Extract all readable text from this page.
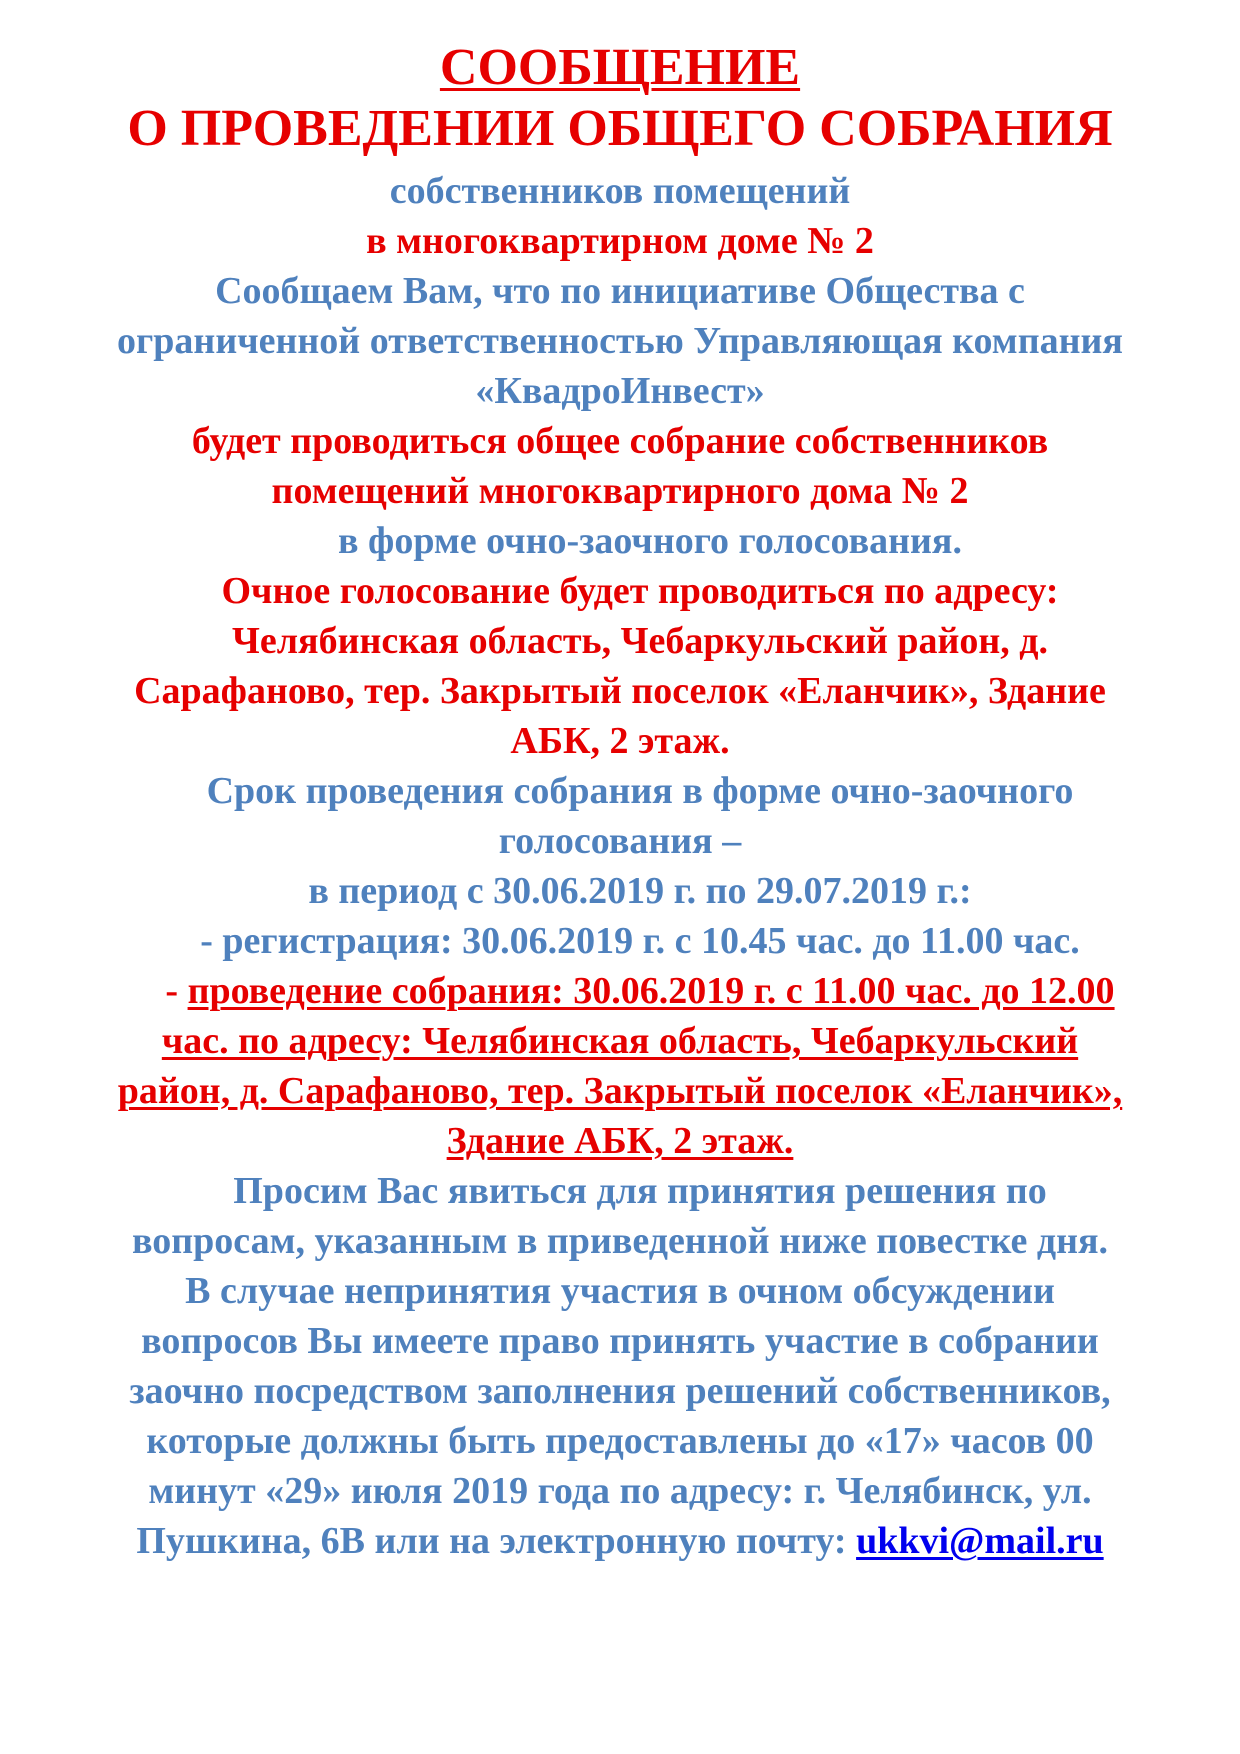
СООБЩЕНИЕ
О ПРОВЕДЕНИИ ОБЩЕГО СОБРАНИЯ
собственников помещений
в многоквартирном доме № 2
Сообщаем Вам, что по инициативе Общества с
ограниченной ответственностью Управляющая компания
«КвадроИнвест»
будет проводиться общее собрание собственников
помещений многоквартирного дома № 2
в форме очно-заочного голосования.
Очное голосование будет проводиться по адресу:
Челябинская область, Чебаркульский район, д.
Сарафаново, тер. Закрытый поселок «Еланчик», Здание
АБК, 2 этаж.
Срок проведения собрания в форме очно-заочного
голосования –
в период с 30.06.2019 г. по 29.07.2019 г.:
- регистрация: 30.06.2019 г. с 10.45 час. до 11.00 час.
- проведение собрания: 30.06.2019 г. с 11.00 час. до 12.00
час. по адресу: Челябинская область, Чебаркульский
район, д. Сарафаново, тер. Закрытый поселок «Еланчик»,
Здание АБК, 2 этаж.
Просим Вас явиться для принятия решения по
вопросам, указанным в приведенной ниже повестке дня.
В случае непринятия участия в очном обсуждении
вопросов Вы имеете право принять участие в собрании
заочно посредством заполнения решений собственников,
которые должны быть предоставлены до «17» часов 00
минут «29» июля 2019 года по адресу: г. Челябинск, ул.
Пушкина, 6В или на электронную почту: ukkvi@mail.ru
